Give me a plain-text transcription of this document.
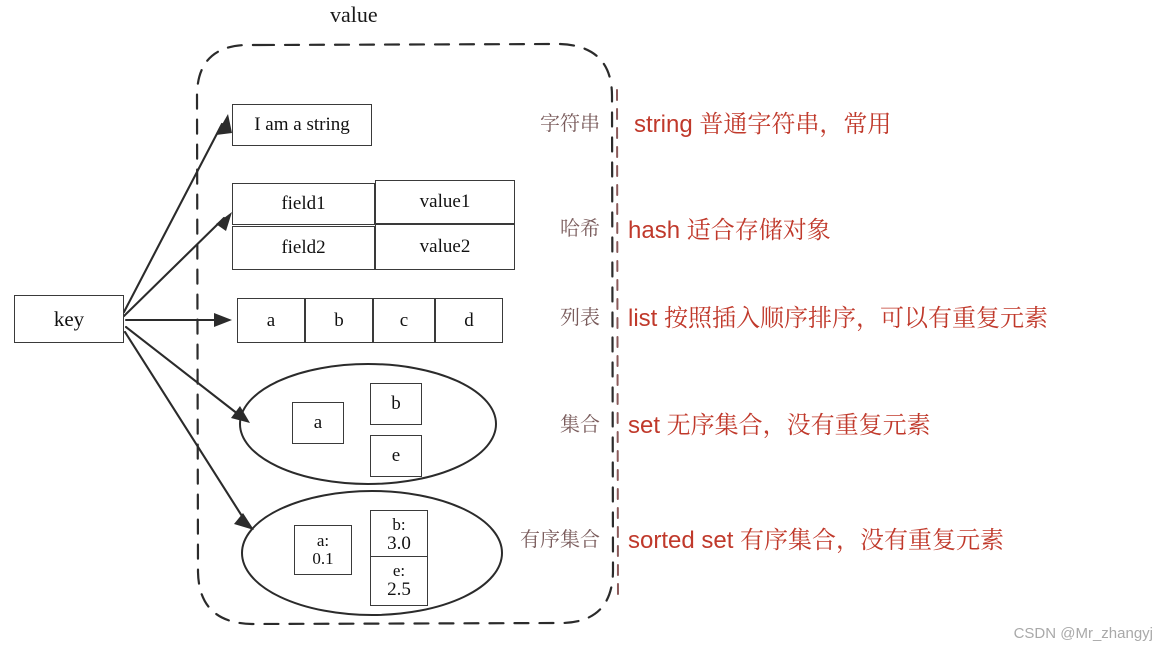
value
key
I am a string
field1	value1
field2	value2
a	b	c	d
a
b
e
a:
0.1
b:
3.0
e:
2.5
字符串
哈希
列表
集合
有序集合
string 普通字符串，常用
hash 适合存储对象
list 按照插入顺序排序，可以有重复元素
set 无序集合，没有重复元素
sorted set 有序集合，没有重复元素
CSDN @Mr_zhangyj
